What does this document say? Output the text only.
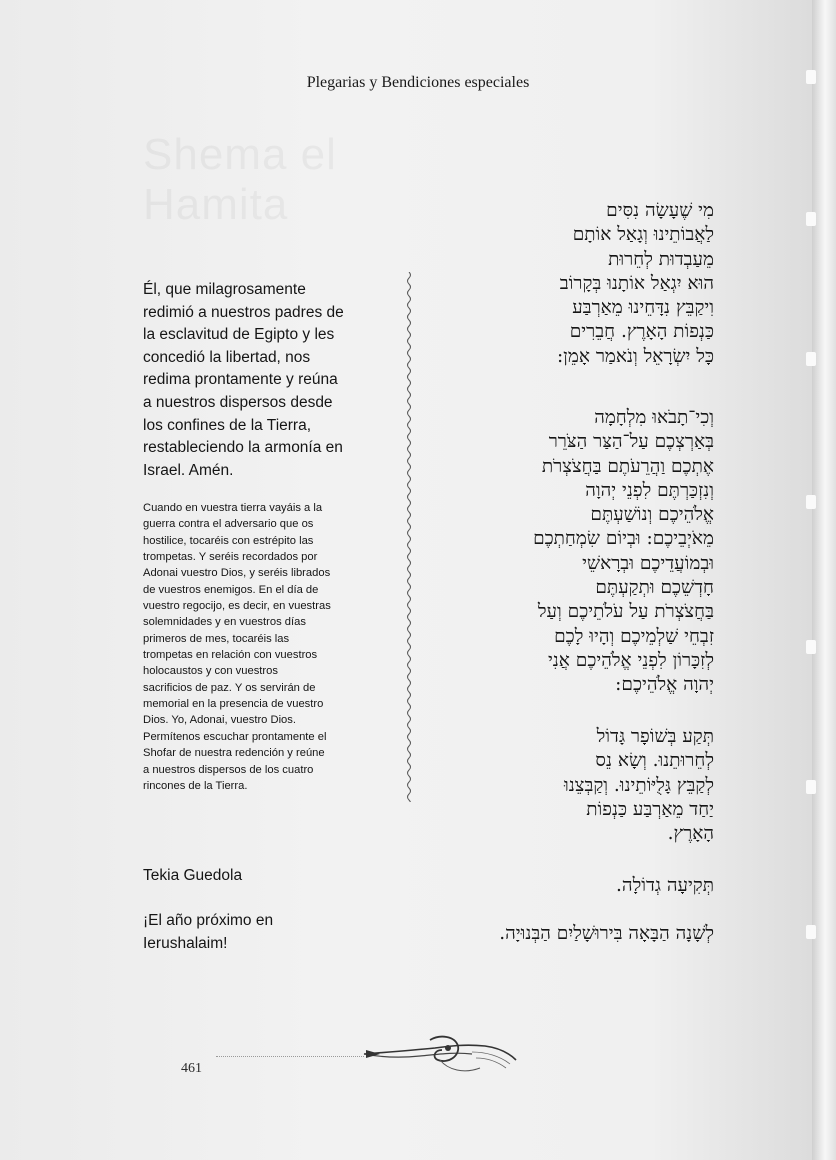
Plegarias y Bendiciones especiales

Él, que milagrosamente
redimió a nuestros padres de
la esclavitud de Egipto y les
concedió la libertad, nos
redima prontamente y reúna
a nuestros dispersos desde
los confines de la Tierra,
restableciendo la armonía en
Israel. Amén.

Cuando en vuestra tierra vayáis a la
guerra contra el adversario que os
hostilice, tocaréis con estrépito las
trompetas. Y seréis recordados por
Adonai vuestro Dios, y seréis librados
de vuestros enemigos. En el día de
vuestro regocijo, es decir, en vuestras
solemnidades y en vuestros días
primeros de mes, tocaréis las
trompetas en relación con vuestros
holocaustos y con vuestros
sacrificios de paz. Y os servirán de
memorial en la presencia de vuestro
Dios. Yo, Adonai, vuestro Dios.
Permítenos escuchar prontamente el
Shofar de nuestra redención y reúne
a nuestros dispersos de los cuatro
rincones de la Tierra.

Tekia Guedola

¡El año próximo en
Ierushalaim!

מִי שֶׁעָשָׂה נִסִּים
לַאֲבוֹתֵינוּ וְגָאַל אוֹתָם
מֵעַבְדוּת לְחֵרוּת
הוּא יִגְאַל אוֹתָנוּ בְּקָרוֹב
וִיקַבֵּץ נִדָּחֵינוּ מֵאַרְבַּע
כַּנְפוֹת הָאָרֶץ. חֲבֵרִים
כָּל יִשְׂרָאֵל וְנֹאמַר אָמֵן:

וְכִי־תָבֹאוּ מִלְחָמָה
בְּאַרְצְכֶם עַל־הַצַּר הַצֹּרֵר
אֶתְכֶם וַהֲרֵעֹתֶם בַּחֲצֹצְרֹת
וְנִזְכַּרְתֶּם לִפְנֵי יְהוָה
אֱלֹהֵיכֶם וְנוֹשַׁעְתֶּם
מֵאֹיְבֵיכֶם: וּבְיוֹם שִׂמְחַתְכֶם
וּבְמוֹעֲדֵיכֶם וּבְרָאשֵׁי
חָדְשֵׁכֶם וּתְקַעְתֶּם
בַּחֲצֹצְרֹת עַל עֹלֹתֵיכֶם וְעַל
זִבְחֵי שַׁלְמֵיכֶם וְהָיוּ לָכֶם
לְזִכָּרוֹן לִפְנֵי אֱלֹהֵיכֶם אֲנִי
יְהוָה אֱלֹהֵיכֶם:

תְּקַע בְּשׁוֹפָר גָּדוֹל
לְחֵרוּתֵנוּ. וְשָׂא נֵס
לְקַבֵּץ גָּלֻיּוֹתֵינוּ. וְקַבְּצֵנוּ
יַחַד מֵאַרְבַּע כַּנְפוֹת
הָאָרֶץ.

תְּקִיעָה גְדוֹלָה.

לְשָׁנָה הַבָּאָה בִּירוּשָׁלַיִם הַבְּנוּיָה.

461
